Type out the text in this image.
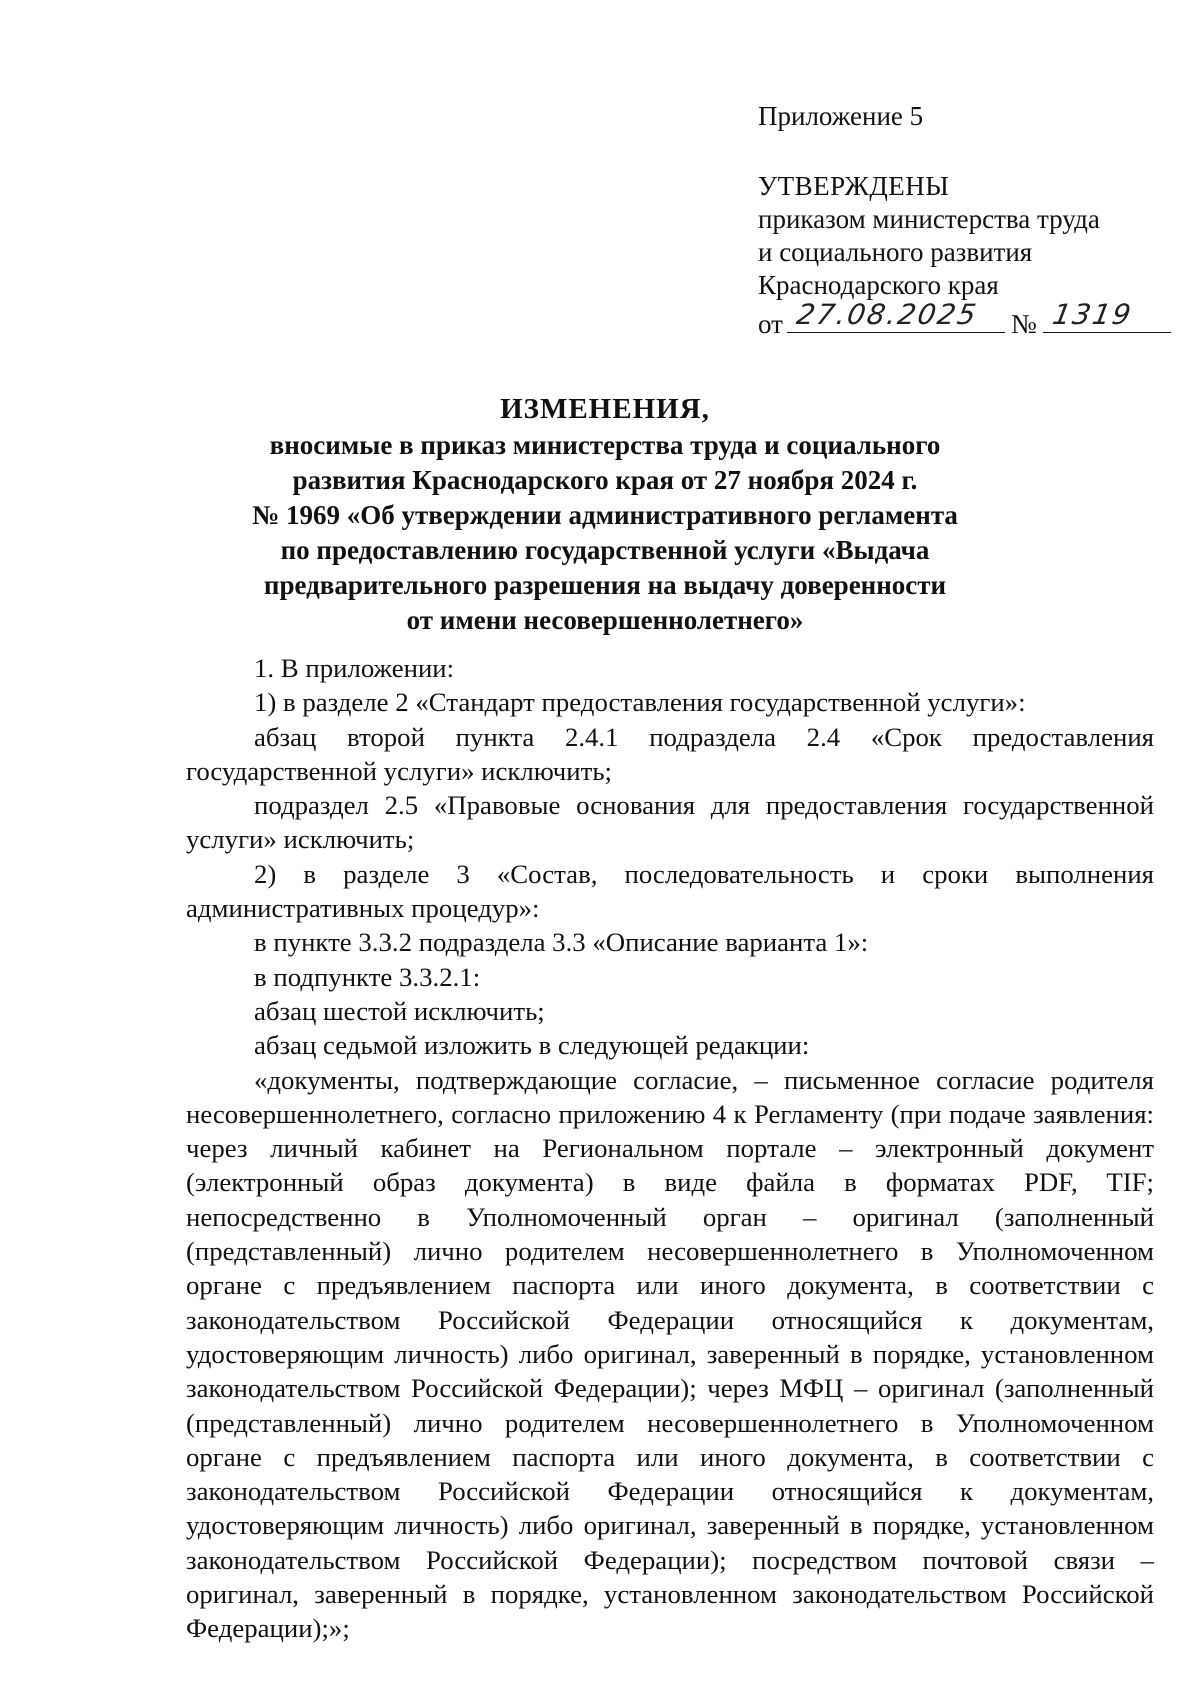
Приложение 5
УТВЕРЖДЕНЫ
приказом министерства труда
и социального развития
Краснодарского края
от 27.08.2025 № 1319
ИЗМЕНЕНИЯ,
вносимые в приказ министерства труда и социального
развития Краснодарского края от 27 ноября 2024 г.
№ 1969 «Об утверждении административного регламента
по предоставлению государственной услуги «Выдача
предварительного разрешения на выдачу доверенности
от имени несовершеннолетнего»

1. В приложении:

1) в разделе 2 «Стандарт предоставления государственной услуги»:

абзац второй пункта 2.4.1 подраздела 2.4 «Срок предоставления государственной услуги» исключить;

подраздел 2.5 «Правовые основания для предоставления государственной услуги» исключить;

2) в разделе 3 «Состав, последовательность и сроки выполнения административных процедур»:

в пункте 3.3.2 подраздела 3.3 «Описание варианта 1»:

в подпункте 3.3.2.1:

абзац шестой исключить;

абзац седьмой изложить в следующей редакции:

«документы, подтверждающие согласие, – письменное согласие родителя несовершеннолетнего, согласно приложению 4 к Регламенту (при подаче заявления: через личный кабинет на Региональном портале – электронный документ (электронный образ документа) в виде файла в форматах PDF, TIF; непосредственно в Уполномоченный орган – оригинал (заполненный (представленный) лично родителем несовершеннолетнего в Уполномоченном органе с предъявлением паспорта или иного документа, в соответствии с законодательством Российской Федерации относящийся к документам, удостоверяющим личность) либо оригинал, заверенный в порядке, установленном законодательством Российской Федерации); через МФЦ – оригинал (заполненный (представленный) лично родителем несовершеннолетнего в Уполномоченном органе с предъявлением паспорта или иного документа, в соответствии с законодательством Российской Федерации относящийся к документам, удостоверяющим личность) либо оригинал, заверенный в порядке, установленном законодательством Российской Федерации); посредством почтовой связи – оригинал, заверенный в порядке, установленном законодательством Российской Федерации);»;
